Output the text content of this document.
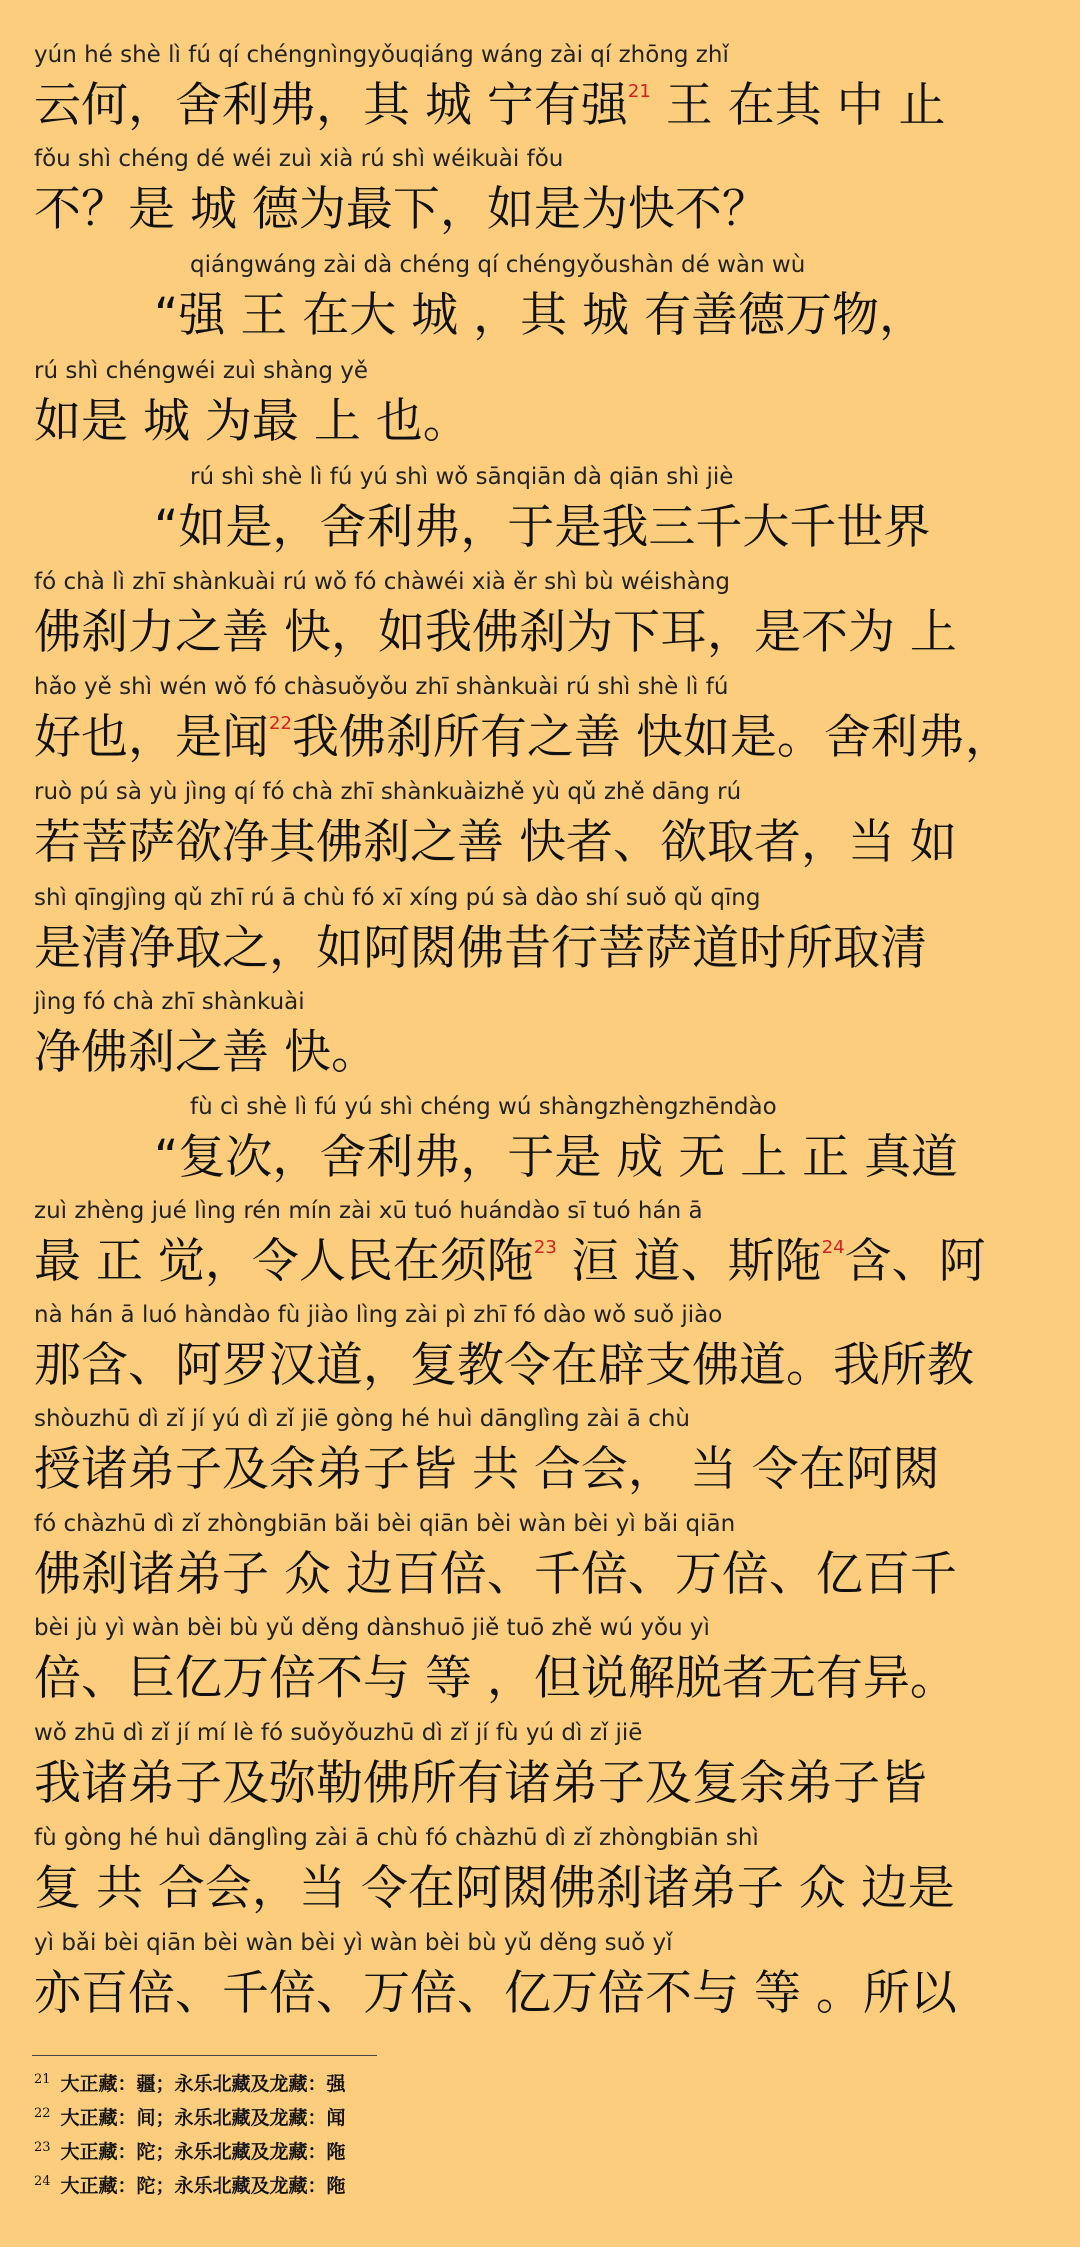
yún hé shè lì fú qí chéngnìngyǒuqiáng wáng zài qí zhōng zhǐ
云何，舍利弗，其 城 宁有强$^{21}$ 王 在其 中 止
fǒu shì chéng dé wéi zuì xià rú shì wéikuài fǒu
不？是 城 德为最下，如是为快不？
qiángwáng zài dà chéng qí chéngyǒushàn dé wàn wù
“强 王 在大 城 ，其 城 有善德万物，
rú shì chéngwéi zuì shàng yě
如是 城 为最 上 也。
rú shì shè lì fú yú shì wǒ sānqiān dà qiān shì jiè
“如是，舍利弗，于是我三千大千世界
fó chà lì zhī shànkuài rú wǒ fó chàwéi xià ěr shì bù wéishàng
佛刹力之善 快，如我佛刹为下耳，是不为 上
hǎo yě shì wén wǒ fó chàsuǒyǒu zhī shànkuài rú shì shè lì fú
好也，是闻$^{22}$我佛刹所有之善 快如是。舍利弗，
ruò pú sà yù jìng qí fó chà zhī shànkuàizhě yù qǔ zhě dāng rú
若菩萨欲净其佛刹之善 快者、欲取者，当 如
shì qīngjìng qǔ zhī rú ā chù fó xī xíng pú sà dào shí suǒ qǔ qīng
是清净取之，如阿閦佛昔行菩萨道时所取清
jìng fó chà zhī shànkuài
净佛刹之善 快。
fù cì shè lì fú yú shì chéng wú shàngzhèngzhēndào
“复次，舍利弗，于是 成 无 上 正 真道
zuì zhèng jué lìng rén mín zài xū tuó huándào sī tuó hán ā
最 正 觉，令人民在须陁$^{23}$ 洹 道、斯陁$^{24}$含、阿
nà hán ā luó hàndào fù jiào lìng zài pì zhī fó dào wǒ suǒ jiào
那含、阿罗汉道，复教令在辟支佛道。我所教
shòuzhū dì zǐ jí yú dì zǐ jiē gòng hé huì dānglìng zài ā chù
授诸弟子及余弟子皆 共 合会， 当 令在阿閦
fó chàzhū dì zǐ zhòngbiān bǎi bèi qiān bèi wàn bèi yì bǎi qiān
佛刹诸弟子 众 边百倍、千倍、万倍、亿百千
bèi jù yì wàn bèi bù yǔ děng dànshuō jiě tuō zhě wú yǒu yì
倍、巨亿万倍不与 等 ，但说解脱者无有异。
wǒ zhū dì zǐ jí mí lè fó suǒyǒuzhū dì zǐ jí fù yú dì zǐ jiē
我诸弟子及弥勒佛所有诸弟子及复余弟子皆
fù gòng hé huì dānglìng zài ā chù fó chàzhū dì zǐ zhòngbiān shì
复 共 合会，当 令在阿閦佛刹诸弟子 众 边是
yì bǎi bèi qiān bèi wàn bèi yì wàn bèi bù yǔ děng suǒ yǐ
亦百倍、千倍、万倍、亿万倍不与 等 。所以
$^{21}$ 大正藏：疆；永乐北藏及龙藏：强
$^{22}$ 大正藏：间；永乐北藏及龙藏：闻
$^{23}$ 大正藏：陀；永乐北藏及龙藏：陁
$^{24}$ 大正藏：陀；永乐北藏及龙藏：陁
